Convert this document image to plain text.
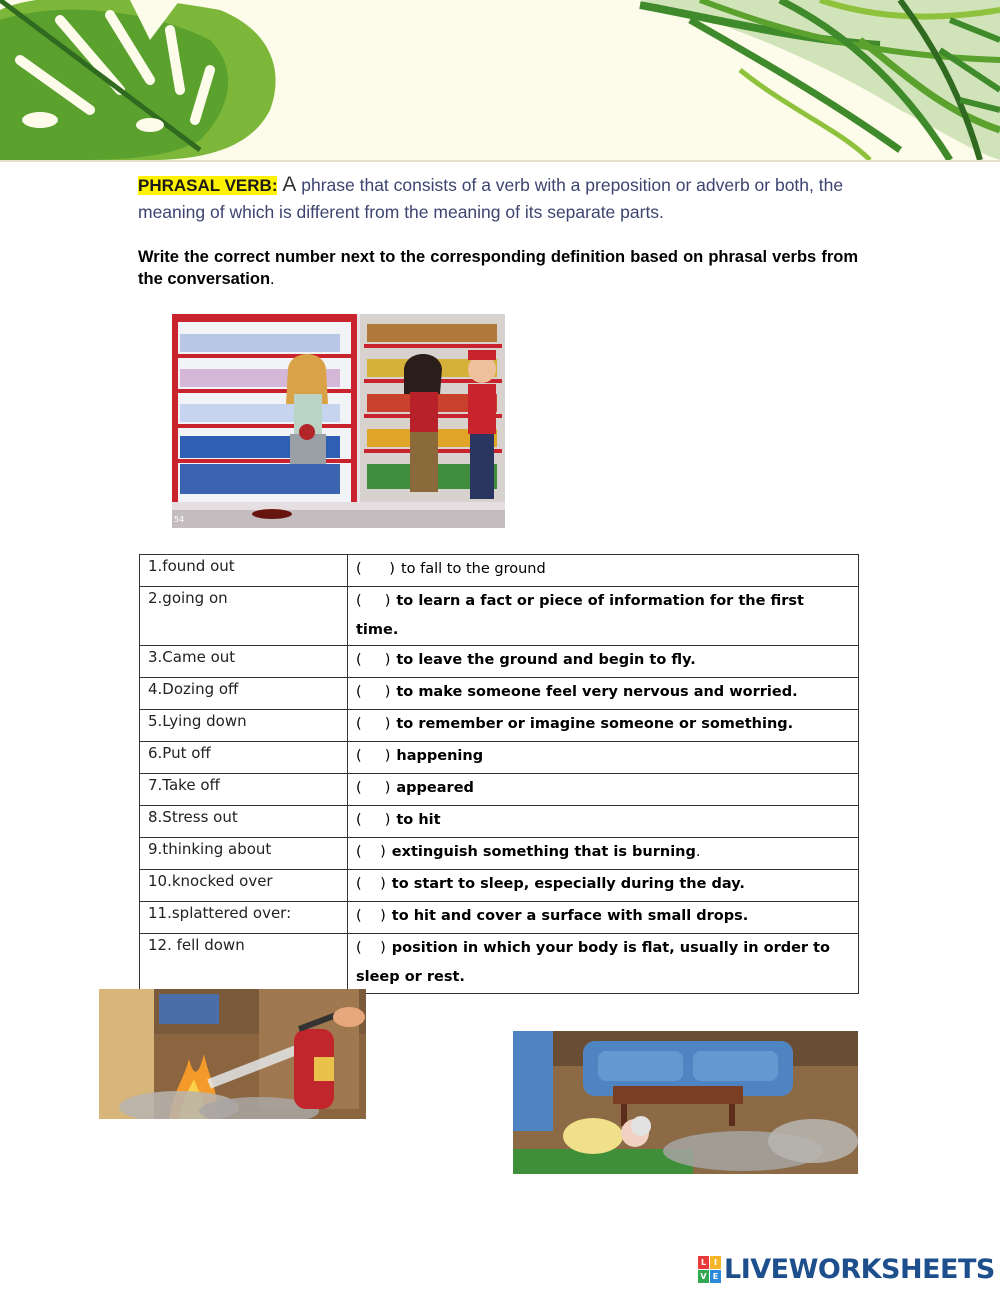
PHRASAL VERB: A phrase that consists of a verb with a preposition or adverb or both, the meaning of which is different from the meaning of its separate parts.
Write the correct number next to the corresponding definition based on phrasal verbs from the conversation.
54
1.found out	(      ) to fall to the ground
2.going on	(     ) to learn a fact or piece of information for the first time.
3.Came out	(     ) to leave the ground and begin to fly.
4.Dozing off	(     ) to make someone feel very nervous and worried.
5.Lying down	(     ) to remember or imagine someone or something.
6.Put off	(     ) happening
7.Take off	(     ) appeared
8.Stress out	(     ) to hit
9.thinking about	(    ) extinguish something that is burning.
10.knocked over	(    ) to start to sleep, especially during the day.
11.splattered over:	(    ) to hit and cover a surface with small drops.
12. fell down	(    ) position in which your body is flat, usually in order to sleep or rest.
L I
V E LIVEWORKSHEETS
